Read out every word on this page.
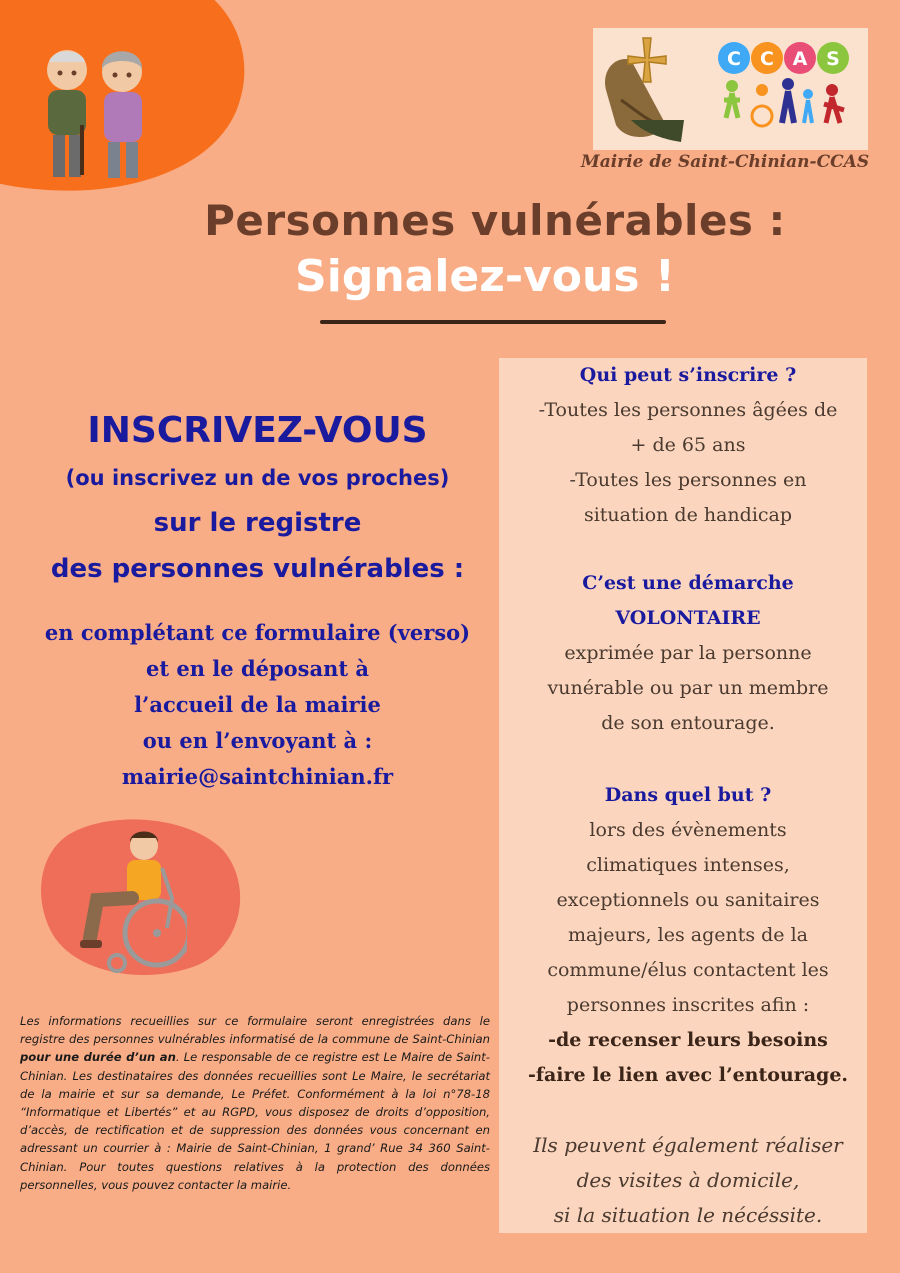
C C A S
Mairie de Saint-Chinian-CCAS
Personnes vulnérables :
Signalez-vous !
INSCRIVEZ-VOUS
(ou inscrivez un de vos proches)
sur le registre
des personnes vulnérables :
en complétant ce formulaire (verso)
et en le déposant à
l’accueil de la mairie
ou en l’envoyant à :
mairie@saintchinian.fr
Les informations recueillies sur ce formulaire seront enregistrées dans le registre des personnes vulnérables informatisé de la commune de Saint-Chinian pour une durée d’un an. Le responsable de ce registre est Le Maire de Saint-Chinian. Les destinataires des données recueillies sont Le Maire, le secrétariat de la mairie et sur sa demande, Le Préfet. Conformément à la loi n°78-18 “Informatique et Libertés” et au RGPD, vous disposez de droits d’opposition, d’accès, de rectification et de suppression des données vous concernant en adressant un courrier à : Mairie de Saint-Chinian, 1 grand’ Rue 34 360 Saint-Chinian. Pour toutes questions relatives à la protection des données personnelles, vous pouvez contacter la mairie.
Qui peut s’inscrire ?
-Toutes les personnes âgées de
+ de 65 ans
-Toutes les personnes en
situation de handicap
C’est une démarche
VOLONTAIRE
exprimée par la personne
vunérable ou par un membre
de son entourage.
Dans quel but ?
lors des évènements
climatiques intenses,
exceptionnels ou sanitaires
majeurs, les agents de la
commune/élus contactent les
personnes inscrites afin :
-de recenser leurs besoins
-faire le lien avec l’entourage.
Ils peuvent également réaliser
des visites à domicile,
si la situation le nécéssite.
